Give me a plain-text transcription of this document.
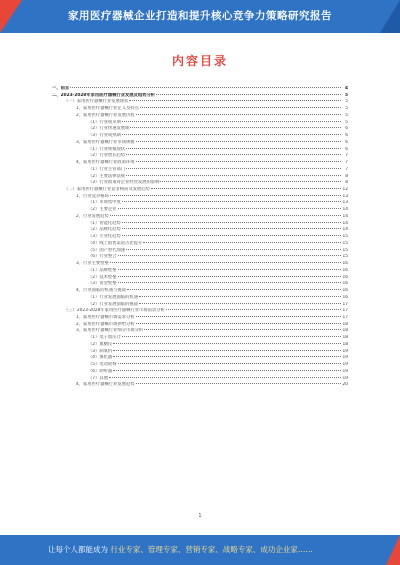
家用医疗器械企业打造和提升核心竞争力策略研究报告
内容目录
一、前言	4
二、2023-2028年家用医疗器械行业发展及趋势分析	5
（一）家用医疗器械行业发展现状	5
1、家用医疗器械行业定义及特点	5
2、家用医疗器械行业发展历程	5
（1）行业萌芽期	5
（2）行业快速发展期	6
（3）行业成熟期	6
3、家用医疗器械行业市场规模	6
（1）行业规模现状	6
（2）行业增长趋势	7
4、家用医疗器械行业政策环境	7
（1）行业主管部门	7
（2）主要法律法规	8
（3）行业政策对企业经营发展的影响	8
（二）家用医疗器械行业竞争格局及发展趋势	12
1、行业竞争格局	13
（1）市场集中度	13
（2）主要企业	14
2、行业发展趋势	14
（1）智能化趋势	14
（2）品牌化趋势	14
（3）专业化趋势	15
（4）线上销售渠道占比提升	15
（5）国产替代加速	15
（6）行业整合	15
3、行业主要壁垒	16
（1）品牌壁垒	16
（2）技术壁垒	16
（3）资金壁垒	16
4、行业面临的机遇与挑战	16
（1）行业发展面临的机遇	16
（2）行业发展面临的挑战	17
（三）2023-2028年家用医疗器械行业市场前景分析	17
1、家用医疗器械市场需求分析	17
2、家用医疗器械市场供给分析	18
3、家用医疗器械行业细分市场分析	18
（1）电子血压计	18
（2）血糖仪	18
（3）制氧机	19
（4）雾化器	19
（5）电动轮椅	19
（6）助听器	19
（7）其他	19
4、家用医疗器械行业发展趋势	20
1
让每个人都能成为 行业专家、管理专家、营销专家、战略专家、成功企业家……
